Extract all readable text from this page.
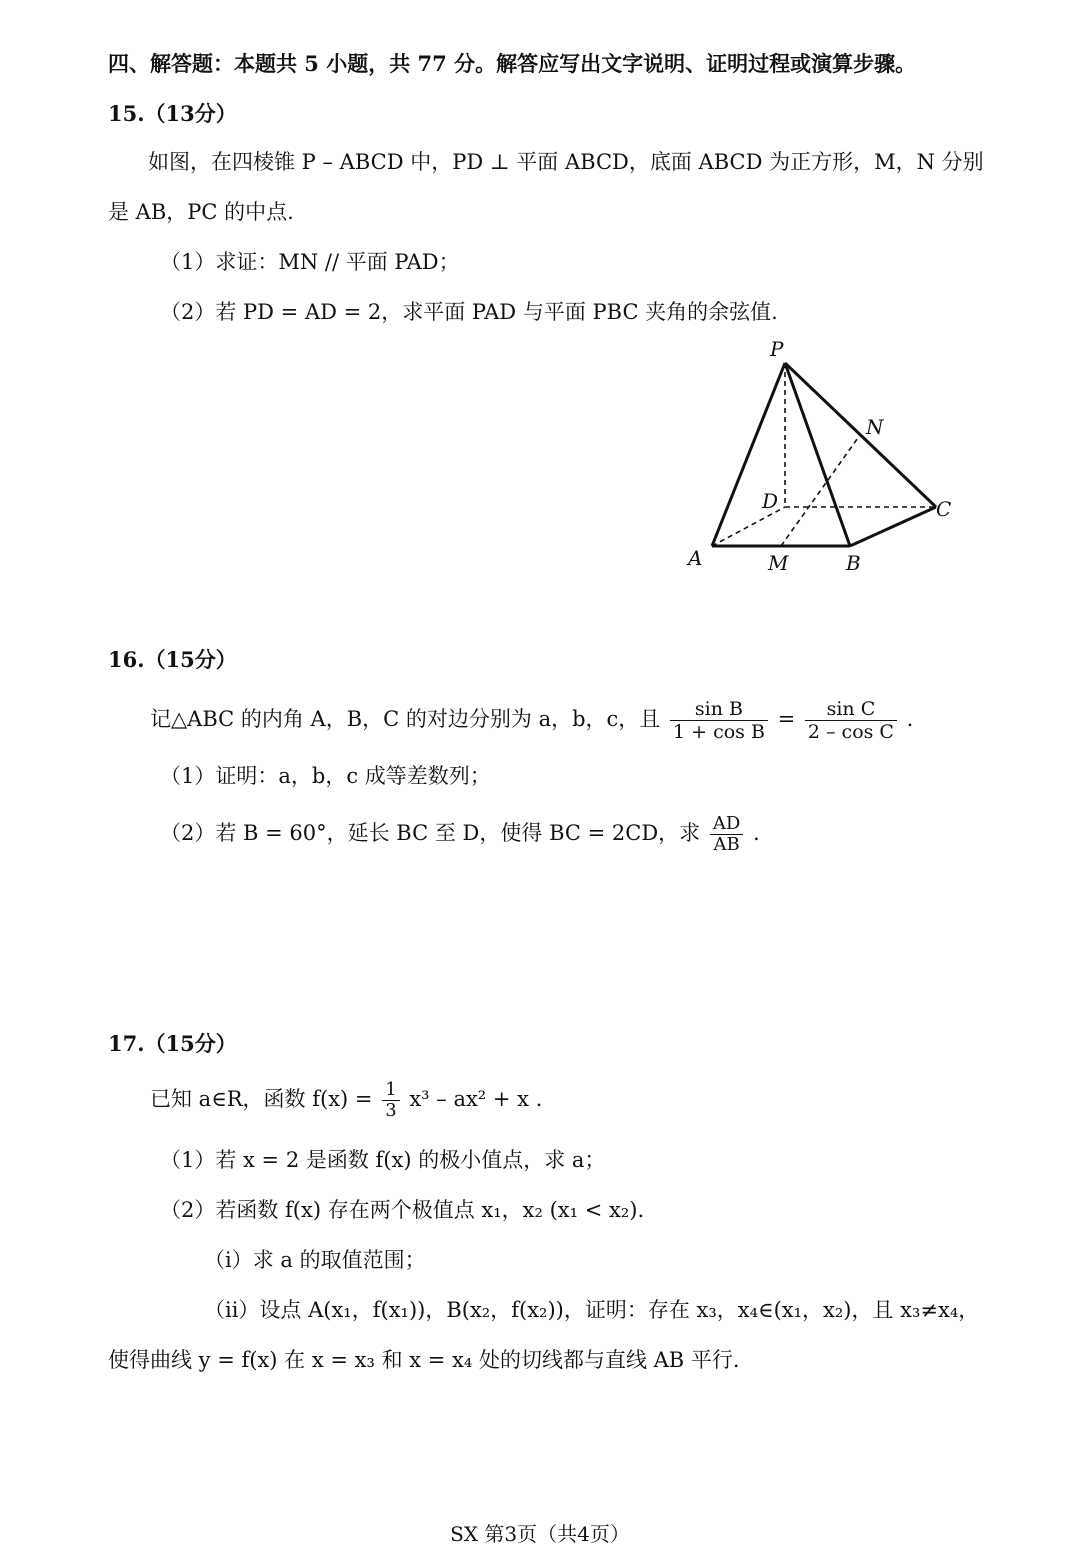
四、解答题：本题共 5 小题，共 77 分。解答应写出文字说明、证明过程或演算步骤。
15.（13分）
如图，在四棱锥 P – ABCD 中，PD ⊥ 平面 ABCD，底面 ABCD 为正方形，M，N 分别
是 AB，PC 的中点.
（1）求证：MN // 平面 PAD；
（2）若 PD = AD = 2，求平面 PAD 与平面 PBC 夹角的余弦值.
P
N
D	C
A	M	B
16.（15分）
记△ABC 的内角 A，B，C 的对边分别为 a，b，c，且 $\frac{\text{sin B}}{\text{1 + cos B}} = \frac{\text{sin C}}{\text{2 – cos C}}$ .
（1）证明：a，b，c 成等差数列；
（2）若 B = 60°，延长 BC 至 D，使得 BC = 2CD，求 $\frac{AD}{AB}$ .
17.（15分）
已知 a∈R，函数 $f(x) = \frac{1}{3} x^3 - ax^2 + x$ .
（1）若 x = 2 是函数 f(x) 的极小值点，求 a；
（2）若函数 f(x) 存在两个极值点 x₁，x₂ (x₁ < x₂).
（ⅰ）求 a 的取值范围；
（ⅱ）设点 A(x₁，f(x₁))，B(x₂，f(x₂))，证明：存在 x₃，x₄∈(x₁，x₂)，且 x₃≠x₄，
使得曲线 y = f(x) 在 x = x₃ 和 x = x₄ 处的切线都与直线 AB 平行.
SX 第3页（共4页）
